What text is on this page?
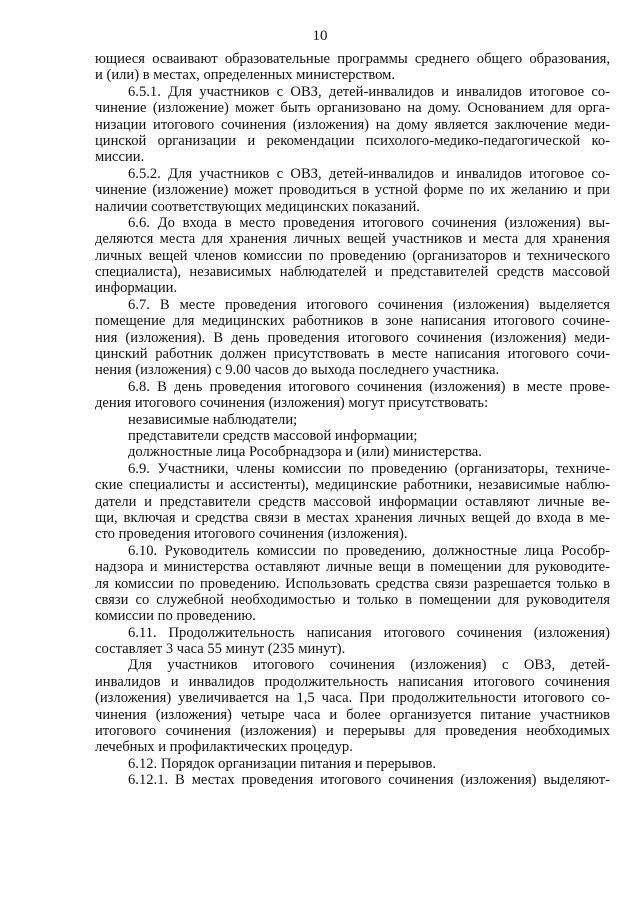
10
ющиеся осваивают образовательные программы среднего общего образования,
и (или) в местах, определенных министерством.
6.5.1. Для участников с ОВЗ, детей-инвалидов и инвалидов итоговое со-
чинение (изложение) может быть организовано на дому. Основанием для орга-
низации итогового сочинения (изложения) на дому является заключение меди-
цинской организации и рекомендации психолого-медико-педагогической ко-
миссии.
6.5.2. Для участников с ОВЗ, детей-инвалидов и инвалидов итоговое со-
чинение (изложение) может проводиться в устной форме по их желанию и при
наличии соответствующих медицинских показаний.
6.6. До входа в место проведения итогового сочинения (изложения) вы-
деляются места для хранения личных вещей участников и места для хранения
личных вещей членов комиссии по проведению (организаторов и технического
специалиста), независимых наблюдателей и представителей средств массовой
информации.
6.7. В месте проведения итогового сочинения (изложения) выделяется
помещение для медицинских работников в зоне написания итогового сочине-
ния (изложения). В день проведения итогового сочинения (изложения) меди-
цинский работник должен присутствовать в месте написания итогового сочи-
нения (изложения) с 9.00 часов до выхода последнего участника.
6.8. В день проведения итогового сочинения (изложения) в месте прове-
дения итогового сочинения (изложения) могут присутствовать:
независимые наблюдатели;
представители средств массовой информации;
должностные лица Рособрнадзора и (или) министерства.
6.9. Участники, члены комиссии по проведению (организаторы, техниче-
ские специалисты и ассистенты), медицинские работники, независимые наблю-
датели и представители средств массовой информации оставляют личные ве-
щи, включая и средства связи в местах хранения личных вещей до входа в ме-
сто проведения итогового сочинения (изложения).
6.10. Руководитель комиссии по проведению, должностные лица Рособр-
надзора и министерства оставляют личные вещи в помещении для руководите-
ля комиссии по проведению. Использовать средства связи разрешается только в
связи со служебной необходимостью и только в помещении для руководителя
комиссии по проведению.
6.11. Продолжительность написания итогового сочинения (изложения)
составляет 3 часа 55 минут (235 минут).
Для участников итогового сочинения (изложения) с ОВЗ, детей-
инвалидов и инвалидов продолжительность написания итогового сочинения
(изложения) увеличивается на 1,5 часа. При продолжительности итогового со-
чинения (изложения) четыре часа и более организуется питание участников
итогового сочинения (изложения) и перерывы для проведения необходимых
лечебных и профилактических процедур.
6.12. Порядок организации питания и перерывов.
6.12.1. В местах проведения итогового сочинения (изложения) выделяют-
